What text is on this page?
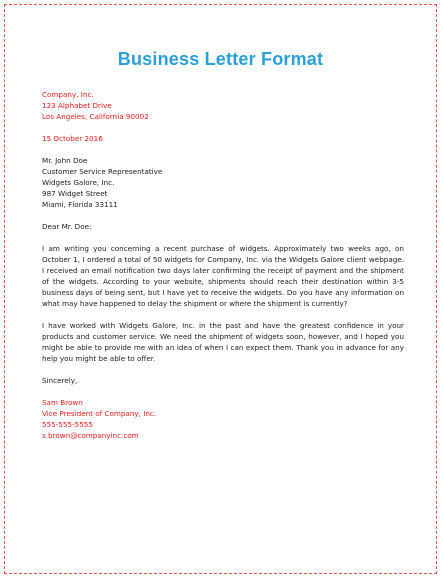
Business Letter Format
Company, Inc.
123 Alphabet Drive
Los Angeles, California 90002
15 October 2016
Mr. John Doe
Customer Service Representative
Widgets Galore, Inc.
987 Widget Street
Miami, Florida 33111
Dear Mr. Doe:

I am writing you concerning a recent purchase of widgets. Approximately two weeks ago, on October 1, I ordered a total of 50 widgets for Company, Inc. via the Widgets Galore client webpage. I received an email notification two days later confirming the receipt of payment and the shipment of the widgets. According to your website, shipments should reach their destination within 3-5 business days of being sent, but I have yet to receive the widgets. Do you have any information on what may have happened to delay the shipment or where the shipment is currently?

I have worked with Widgets Galore, Inc. in the past and have the greatest confidence in your products and customer service. We need the shipment of widgets soon, however, and I hoped you might be able to provide me with an idea of when I can expect them. Thank you in advance for any help you might be able to offer.

Sincerely,
Sam Brown
Vice President of Company, Inc.
555-555-5555
s.brown@companyinc.com
